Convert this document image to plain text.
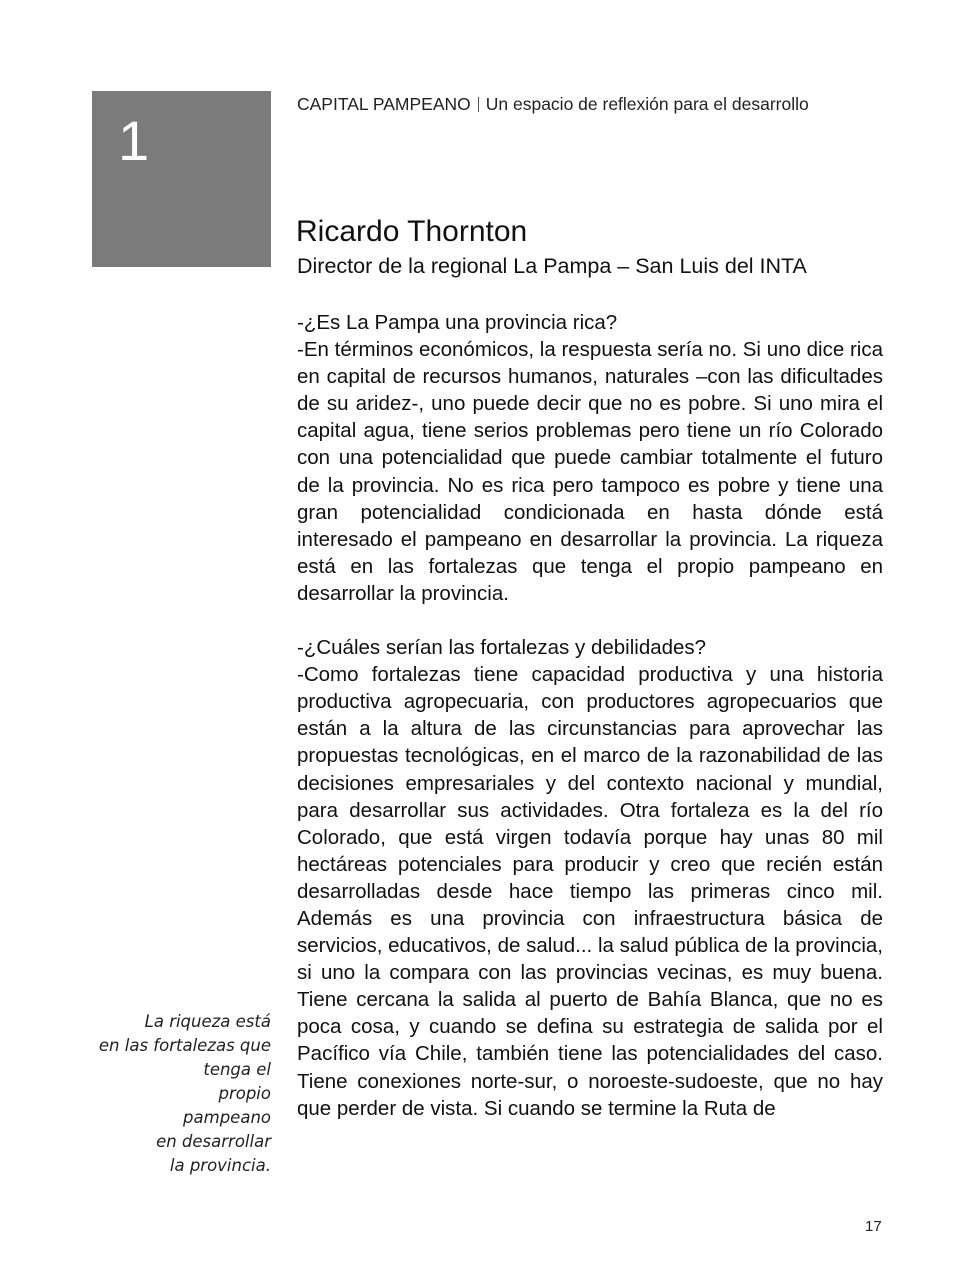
1
CAPITAL PAMPEANO Un espacio de reflexión para el desarrollo
Ricardo Thornton
Director de la regional La Pampa – San Luis del INTA

-¿Es La Pampa una provincia rica?

-En términos económicos, la respuesta sería no. Si uno dice rica en capital de recursos humanos, naturales –con las dificultades de su aridez-, uno puede decir que no es pobre. Si uno mira el capital agua, tiene serios problemas pero tiene un río Colorado con una potencialidad que puede cambiar totalmente el futuro de la provincia. No es rica pero tampoco es pobre y tiene una gran potencialidad condicionada en hasta dónde está interesado el pampeano en desarrollar la provincia. La riqueza está en las fortalezas que tenga el propio pampeano en desarrollar la provincia.

-¿Cuáles serían las fortalezas y debilidades?

-Como fortalezas tiene capacidad productiva y una historia productiva agropecuaria, con productores agropecuarios que están a la altura de las circunstancias para aprovechar las propuestas tecnológicas, en el marco de la razonabilidad de las decisiones empresariales y del contexto nacional y mundial, para desarrollar sus actividades. Otra fortaleza es la del río Colorado, que está virgen todavía porque hay unas 80 mil hectáreas potenciales para producir y creo que recién están desarrolladas desde hace tiempo las primeras cinco mil. Además es una provincia con infraestructura básica de servicios, educativos, de salud... la salud pública de la provincia, si uno la compara con las provincias vecinas, es muy buena. Tiene cercana la salida al puerto de Bahía Blanca, que no es poca cosa, y cuando se defina su estrategia de salida por el Pacífico vía Chile, también tiene las potencialidades del caso. Tiene conexiones norte-sur, o noroeste-sudoeste, que no hay que perder de vista. Si cuando se termine la Ruta de

La riqueza está
en las fortalezas que
tenga el
propio
pampeano
en desarrollar
la provincia.
17
